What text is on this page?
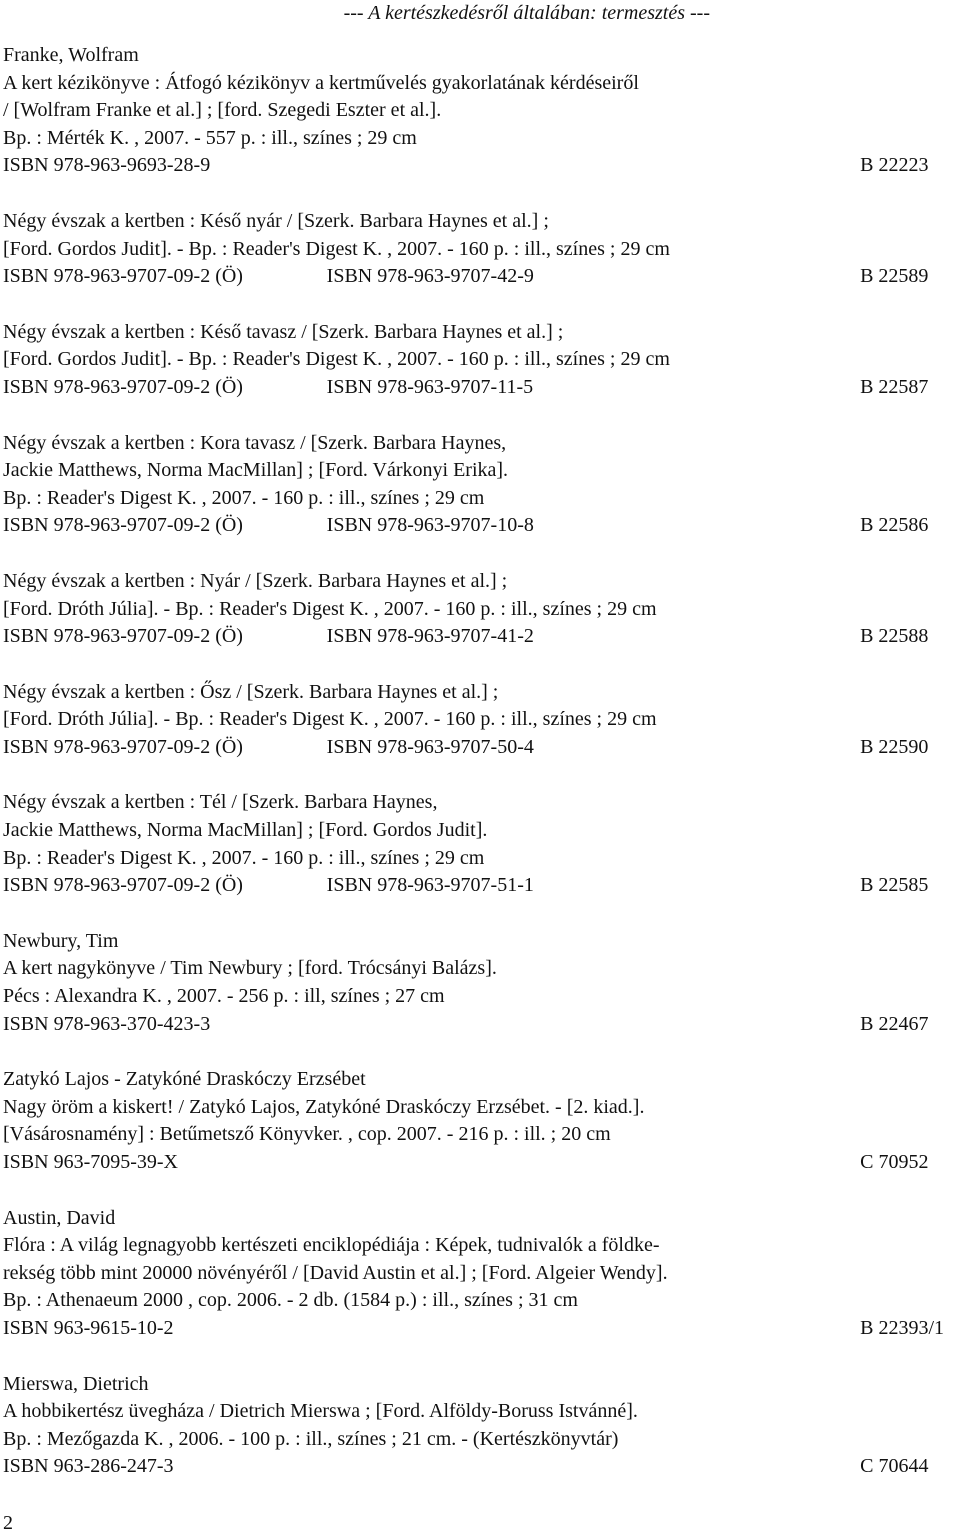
--- A kertészkedésről általában: termesztés ---
Franke, Wolfram
A kert kézikönyve : Átfogó kézikönyv a kertművelés gyakorlatának kérdéseiről
/ [Wolfram Franke et al.] ; [ford. Szegedi Eszter et al.].
Bp. : Mérték K. , 2007. - 557 p. : ill., színes ; 29 cm
ISBN 978-963-9693-28-9	B 22223
Négy évszak a kertben : Késő nyár / [Szerk. Barbara Haynes et al.] ;
[Ford. Gordos Judit]. - Bp. : Reader's Digest K. , 2007. - 160 p. : ill., színes ; 29 cm
ISBN 978-963-9707-09-2 (Ö)	ISBN 978-963-9707-42-9	B 22589
Négy évszak a kertben : Késő tavasz / [Szerk. Barbara Haynes et al.] ;
[Ford. Gordos Judit]. - Bp. : Reader's Digest K. , 2007. - 160 p. : ill., színes ; 29 cm
ISBN 978-963-9707-09-2 (Ö)	ISBN 978-963-9707-11-5	B 22587
Négy évszak a kertben : Kora tavasz / [Szerk. Barbara Haynes,
Jackie Matthews, Norma MacMillan] ; [Ford. Várkonyi Erika].
Bp. : Reader's Digest K. , 2007. - 160 p. : ill., színes ; 29 cm
ISBN 978-963-9707-09-2 (Ö)	ISBN 978-963-9707-10-8	B 22586
Négy évszak a kertben : Nyár / [Szerk. Barbara Haynes et al.] ;
[Ford. Dróth Júlia]. - Bp. : Reader's Digest K. , 2007. - 160 p. : ill., színes ; 29 cm
ISBN 978-963-9707-09-2 (Ö)	ISBN 978-963-9707-41-2	B 22588
Négy évszak a kertben : Ősz / [Szerk. Barbara Haynes et al.] ;
[Ford. Dróth Júlia]. - Bp. : Reader's Digest K. , 2007. - 160 p. : ill., színes ; 29 cm
ISBN 978-963-9707-09-2 (Ö)	ISBN 978-963-9707-50-4	B 22590
Négy évszak a kertben : Tél / [Szerk. Barbara Haynes,
Jackie Matthews, Norma MacMillan] ; [Ford. Gordos Judit].
Bp. : Reader's Digest K. , 2007. - 160 p. : ill., színes ; 29 cm
ISBN 978-963-9707-09-2 (Ö)	ISBN 978-963-9707-51-1	B 22585
Newbury, Tim
A kert nagykönyve / Tim Newbury ; [ford. Trócsányi Balázs].
Pécs : Alexandra K. , 2007. - 256 p. : ill, színes ; 27 cm
ISBN 978-963-370-423-3	B 22467
Zatykó Lajos - Zatykóné Draskóczy Erzsébet
Nagy öröm a kiskert! / Zatykó Lajos, Zatykóné Draskóczy Erzsébet. - [2. kiad.].
[Vásárosnamény] : Betűmetsző Könyvker. , cop. 2007. - 216 p. : ill. ; 20 cm
ISBN 963-7095-39-X	C 70952
Austin, David
Flóra : A világ legnagyobb kertészeti enciklopédiája : Képek, tudnivalók a földke-
rekség több mint 20000 növényéről / [David Austin et al.] ; [Ford. Algeier Wendy].
Bp. : Athenaeum 2000 , cop. 2006. - 2 db. (1584 p.) : ill., színes ; 31 cm
ISBN 963-9615-10-2	B 22393/1
Mierswa, Dietrich
A hobbikertész üvegháza / Dietrich Mierswa ; [Ford. Alföldy-Boruss Istvánné].
Bp. : Mezőgazda K. , 2006. - 100 p. : ill., színes ; 21 cm. - (Kertészkönyvtár)
ISBN 963-286-247-3	C 70644
2
